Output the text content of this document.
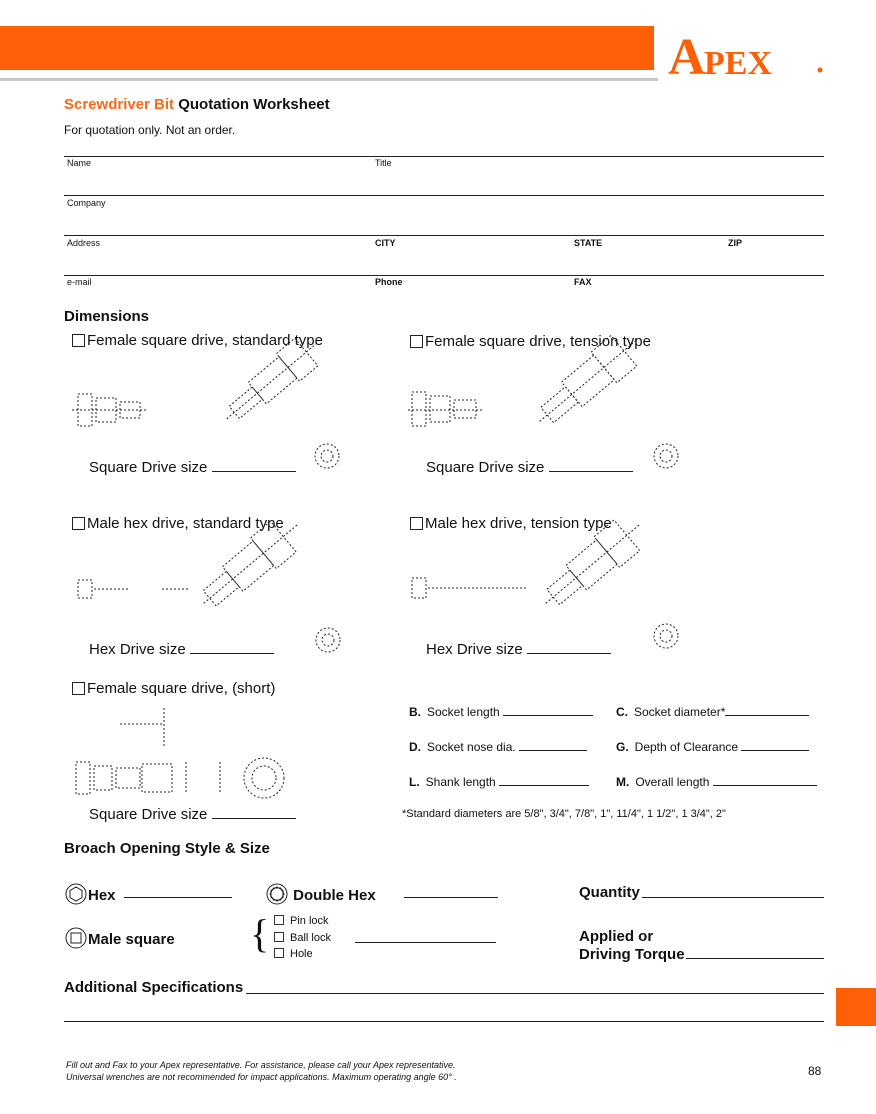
A
PEX
Screwdriver Bit Quotation Worksheet
For quotation only. Not an order.
Name	Title
Company
Address	CITY	STATE	ZIP
e-mail	Phone	FAX
Dimensions
Female square drive, standard type
Square Drive size
Female square drive, tension type
Square Drive size
Male hex drive, standard type
Hex Drive size
Male hex drive, tension type
Hex Drive size
Female square drive, (short)
Square Drive size
B. Socket length	C. Socket diameter*
D. Socket nose dia.	G. Depth of Clearance
L. Shank length	M. Overall length
*Standard diameters are 5/8", 3/4", 7/8", 1", 11/4", 1 1/2", 1 3/4", 2"
Broach Opening Style & Size
Hex	Double Hex	Quantity
Male square {	Pin lock
Ball lock
Hole
Applied or
Driving Torque
Additional Specifications
Fill out and Fax to your Apex representative. For assistance, please call your Apex representative.
Universal wrenches are not recommended for impact applications. Maximum operating angle 60° .	88
